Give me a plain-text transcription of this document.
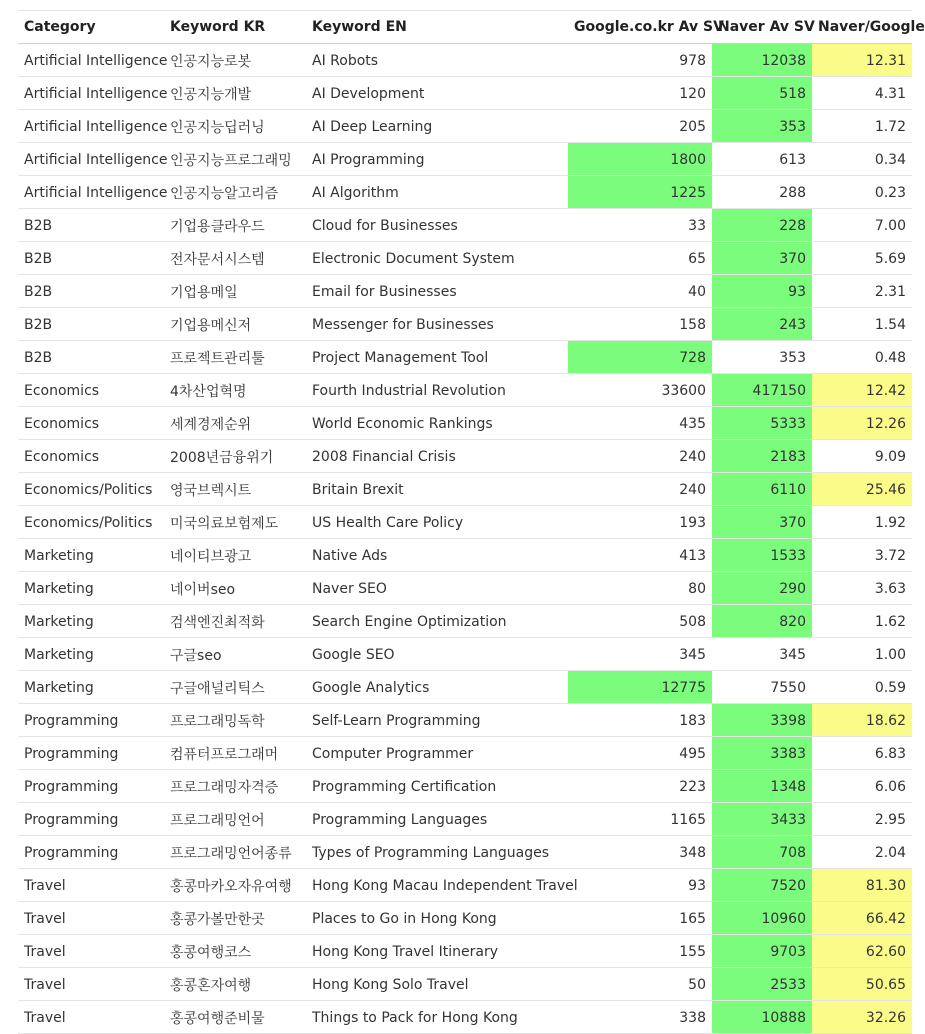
Category	Keyword KR	Keyword EN	Google.co.kr Av SV	Naver Av SV	Naver/Google
Artificial Intelligence	인공지능로봇	AI Robots	978	12038	12.31
Artificial Intelligence	인공지능개발	AI Development	120	518	4.31
Artificial Intelligence	인공지능딥러닝	AI Deep Learning	205	353	1.72
Artificial Intelligence	인공지능프로그래밍	AI Programming	1800	613	0.34
Artificial Intelligence	인공지능알고리즘	AI Algorithm	1225	288	0.23
B2B	기업용클라우드	Cloud for Businesses	33	228	7.00
B2B	전자문서시스템	Electronic Document System	65	370	5.69
B2B	기업용메일	Email for Businesses	40	93	2.31
B2B	기업용메신저	Messenger for Businesses	158	243	1.54
B2B	프로젝트관리툴	Project Management Tool	728	353	0.48
Economics	4차산업혁명	Fourth Industrial Revolution	33600	417150	12.42
Economics	세계경제순위	World Economic Rankings	435	5333	12.26
Economics	2008년금융위기	2008 Financial Crisis	240	2183	9.09
Economics/Politics	영국브렉시트	Britain Brexit	240	6110	25.46
Economics/Politics	미국의료보험제도	US Health Care Policy	193	370	1.92
Marketing	네이티브광고	Native Ads	413	1533	3.72
Marketing	네이버seo	Naver SEO	80	290	3.63
Marketing	검색엔진최적화	Search Engine Optimization	508	820	1.62
Marketing	구글seo	Google SEO	345	345	1.00
Marketing	구글애널리틱스	Google Analytics	12775	7550	0.59
Programming	프로그래밍독학	Self-Learn Programming	183	3398	18.62
Programming	컴퓨터프로그래머	Computer Programmer	495	3383	6.83
Programming	프로그래밍자격증	Programming Certification	223	1348	6.06
Programming	프로그래밍언어	Programming Languages	1165	3433	2.95
Programming	프로그래밍언어종류	Types of Programming Languages	348	708	2.04
Travel	홍콩마카오자유여행	Hong Kong Macau Independent Travel	93	7520	81.30
Travel	홍콩가볼만한곳	Places to Go in Hong Kong	165	10960	66.42
Travel	홍콩여행코스	Hong Kong Travel Itinerary	155	9703	62.60
Travel	홍콩혼자여행	Hong Kong Solo Travel	50	2533	50.65
Travel	홍콩여행준비물	Things to Pack for Hong Kong	338	10888	32.26
